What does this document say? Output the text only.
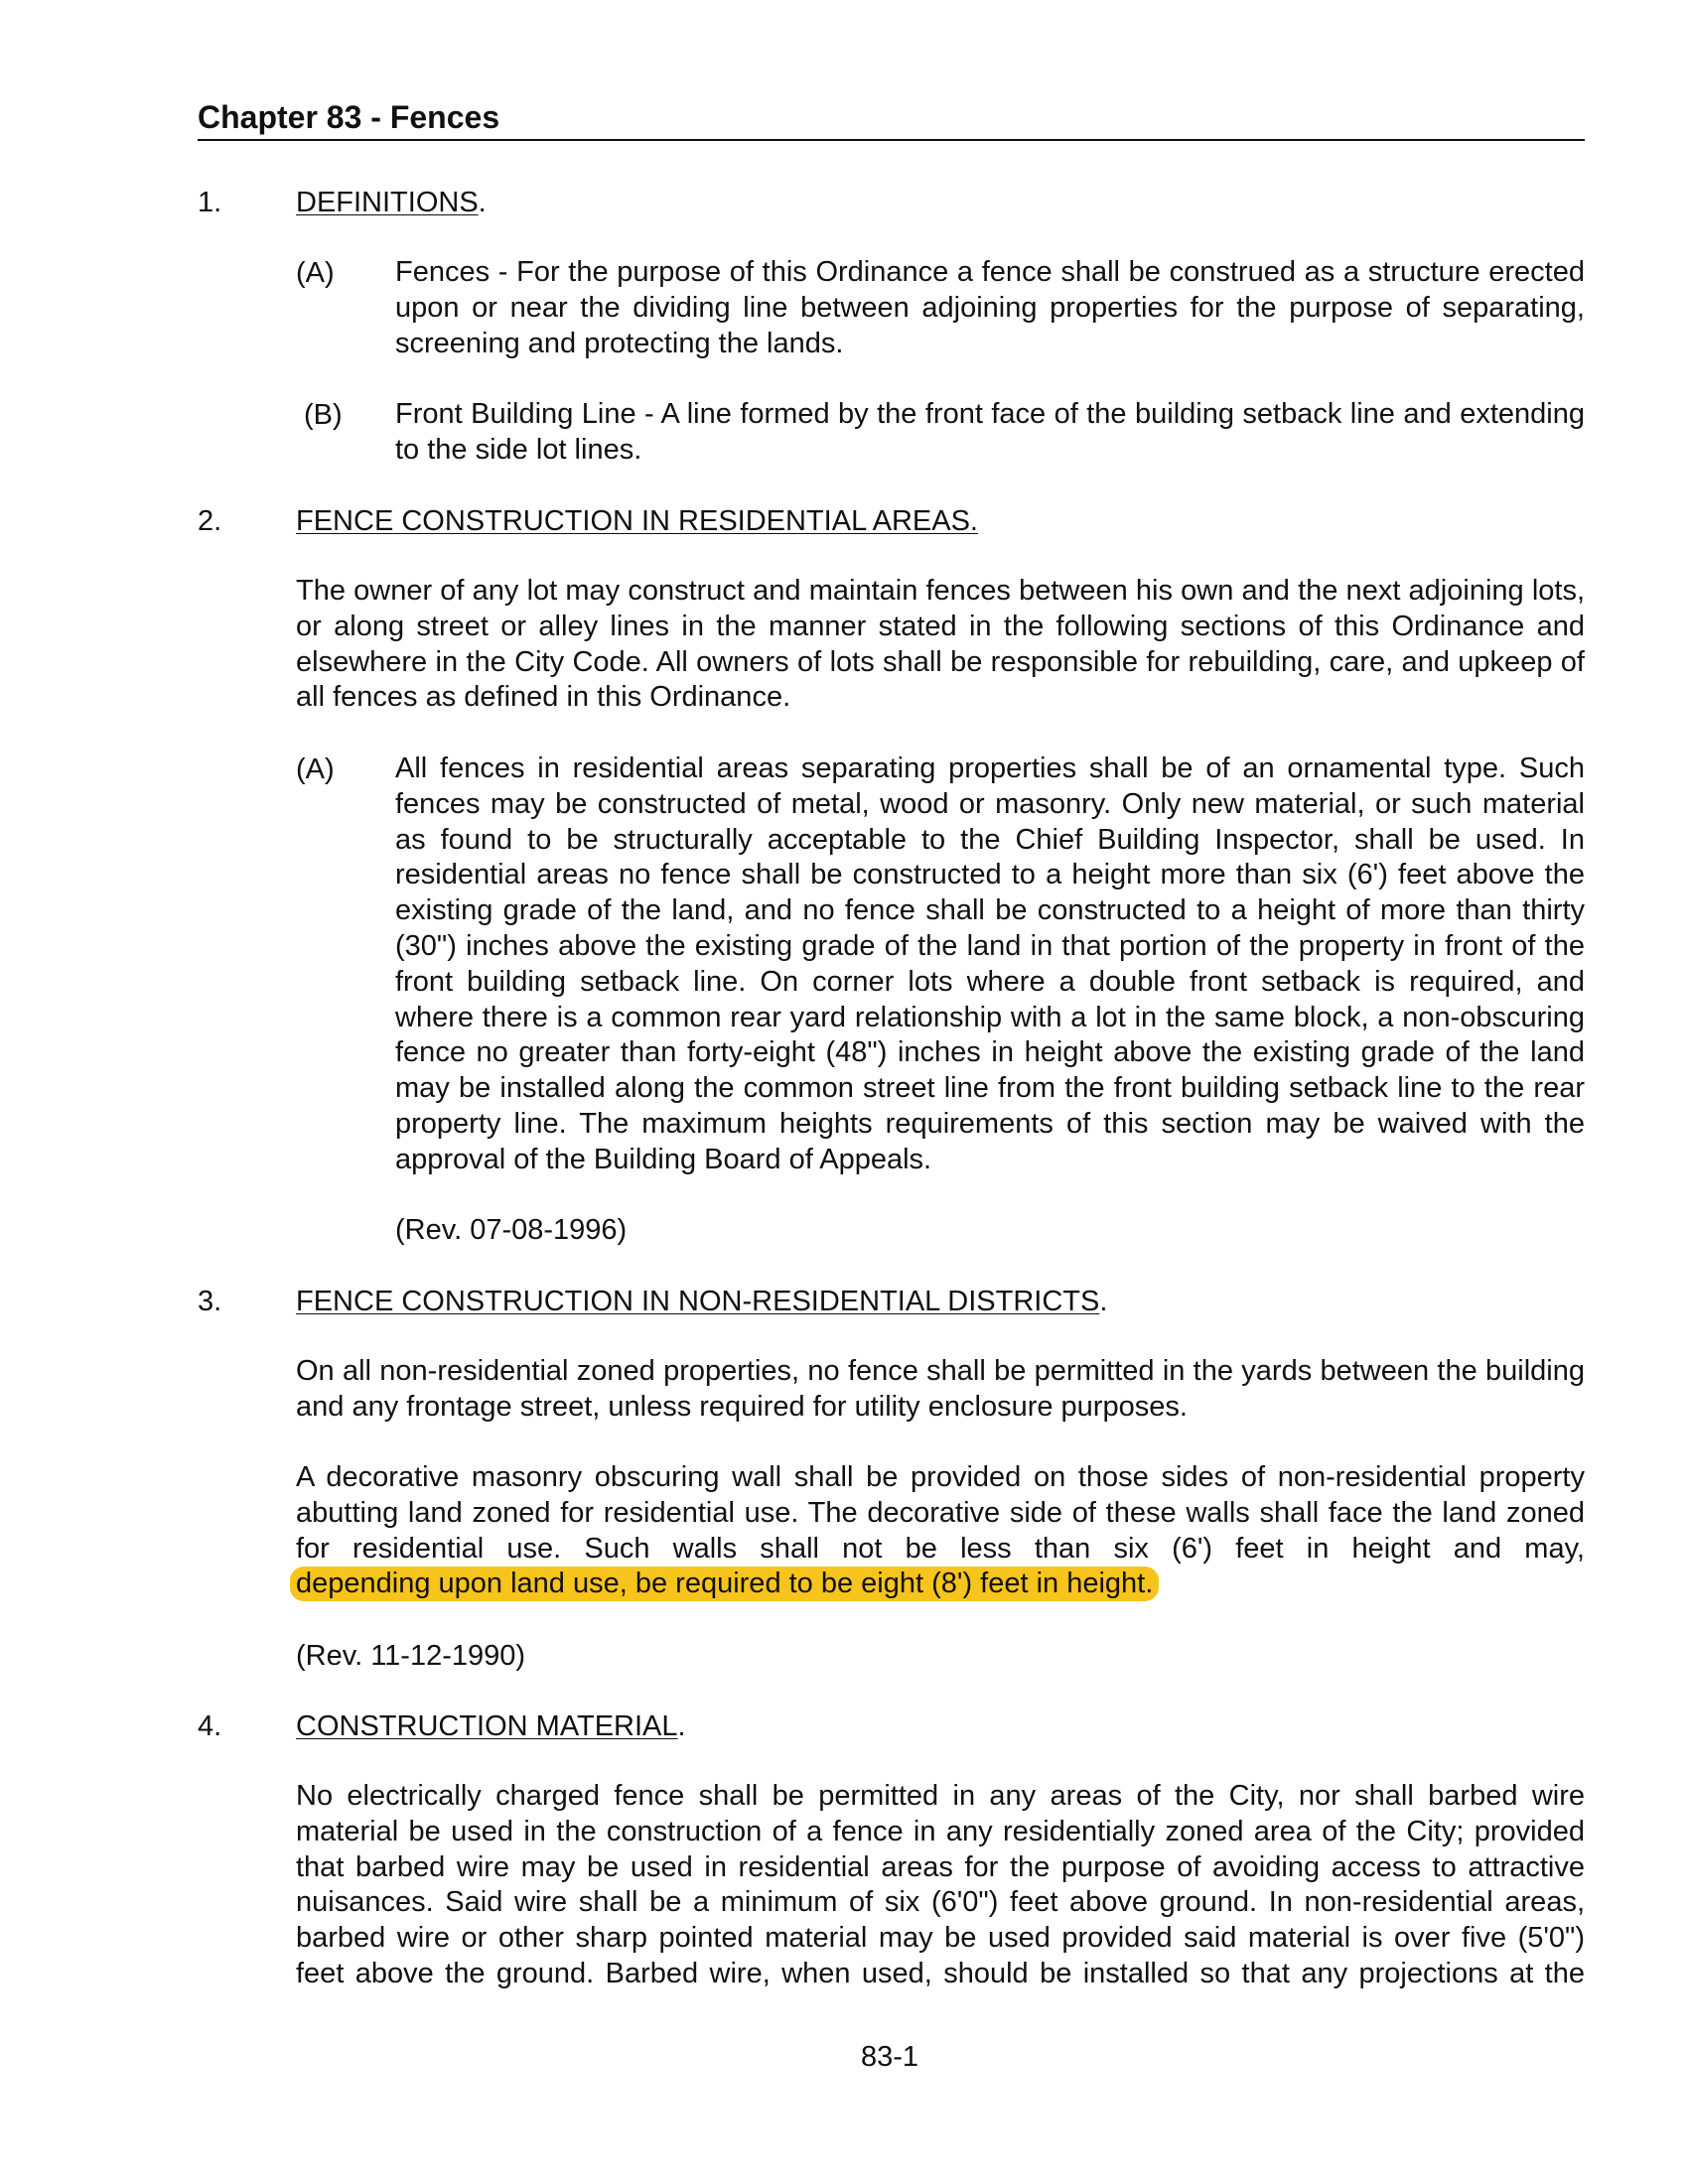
Chapter 83 - Fences
1.	DEFINITIONS.
(A) Fences - For the purpose of this Ordinance a fence shall be construed as a structure erected upon or near the dividing line between adjoining properties for the purpose of separating, screening and protecting the lands.

(B) Front Building Line - A line formed by the front face of the building setback line and extending to the side lot lines.

2.	FENCE CONSTRUCTION IN RESIDENTIAL AREAS.

The owner of any lot may construct and maintain fences between his own and the next adjoining lots, or along street or alley lines in the manner stated in the following sections of this Ordinance and elsewhere in the City Code. All owners of lots shall be responsible for rebuilding, care, and upkeep of all fences as defined in this Ordinance.

(A) All fences in residential areas separating properties shall be of an ornamental type. Such fences may be constructed of metal, wood or masonry. Only new material, or such material as found to be structurally acceptable to the Chief Building Inspector, shall be used. In residential areas no fence shall be constructed to a height more than six (6') feet above the existing grade of the land, and no fence shall be constructed to a height of more than thirty (30") inches above the existing grade of the land in that portion of the property in front of the front building setback line. On corner lots where a double front setback is required, and where there is a common rear yard relationship with a lot in the same block, a non-obscuring fence no greater than forty-eight (48") inches in height above the existing grade of the land may be installed along the common street line from the front building setback line to the rear property line. The maximum heights requirements of this section may be waived with the approval of the Building Board of Appeals.

(Rev. 07-08-1996)
3.	FENCE CONSTRUCTION IN NON-RESIDENTIAL DISTRICTS.

On all non-residential zoned properties, no fence shall be permitted in the yards between the building and any frontage street, unless required for utility enclosure purposes.

A decorative masonry obscuring wall shall be provided on those sides of non-residential property abutting land zoned for residential use. The decorative side of these walls shall face the land zoned for residential use. Such walls shall not be less than six (6') feet in height and may,
depending upon land use, be required to be eight (8') feet in height.

(Rev. 11-12-1990)
4.	CONSTRUCTION MATERIAL.

No electrically charged fence shall be permitted in any areas of the City, nor shall barbed wire material be used in the construction of a fence in any residentially zoned area of the City; provided that barbed wire may be used in residential areas for the purpose of avoiding access to attractive nuisances. Said wire shall be a minimum of six (6'0") feet above ground. In non-residential areas, barbed wire or other sharp pointed material may be used provided said material is over five (5'0") feet above the ground. Barbed wire, when used, should be installed so that any projections at the

83-1
